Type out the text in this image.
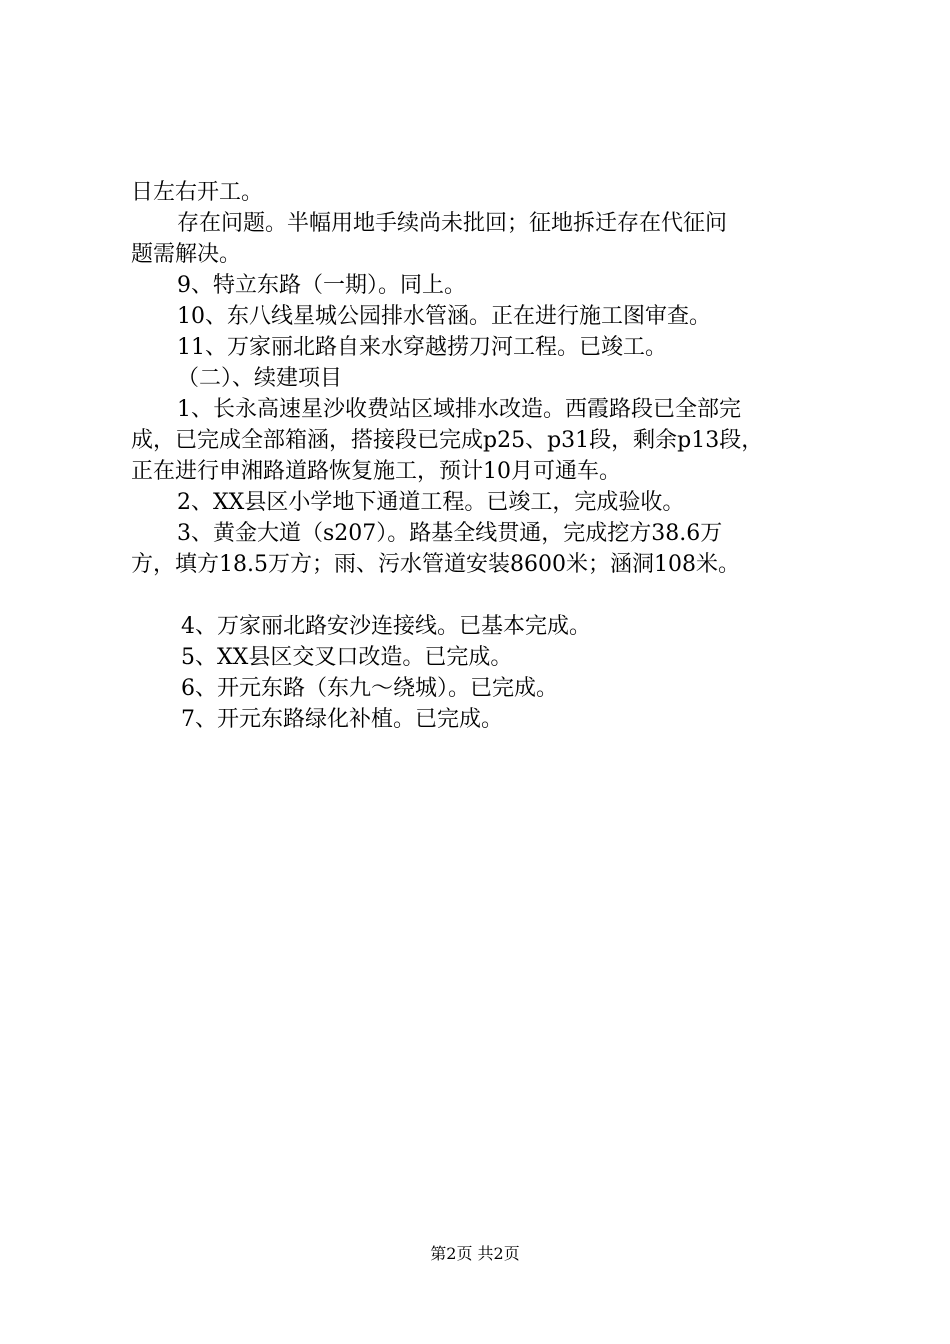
日左右开工。

存在问题。半幅用地手续尚未批回；征地拆迁存在代征问

题需解决。

9、特立东路（一期）。同上。

10、东八线星城公园排水管涵。正在进行施工图审查。

11、万家丽北路自来水穿越捞刀河工程。已竣工。

（二）、续建项目

1、长永高速星沙收费站区域排水改造。西霞路段已全部完

成，已完成全部箱涵，搭接段已完成p25、p31段，剩余p13段，

正在进行申湘路道路恢复施工，预计10月可通车。

2、XX县区小学地下通道工程。已竣工，完成验收。

3、黄金大道（s207）。路基全线贯通，完成挖方38.6万

方，填方18.5万方；雨、污水管道安装8600米；涵洞108米。

4、万家丽北路安沙连接线。已基本完成。

5、XX县区交叉口改造。已完成。

6、开元东路（东九～绕城）。已完成。

7、开元东路绿化补植。已完成。

第2页 共2页
